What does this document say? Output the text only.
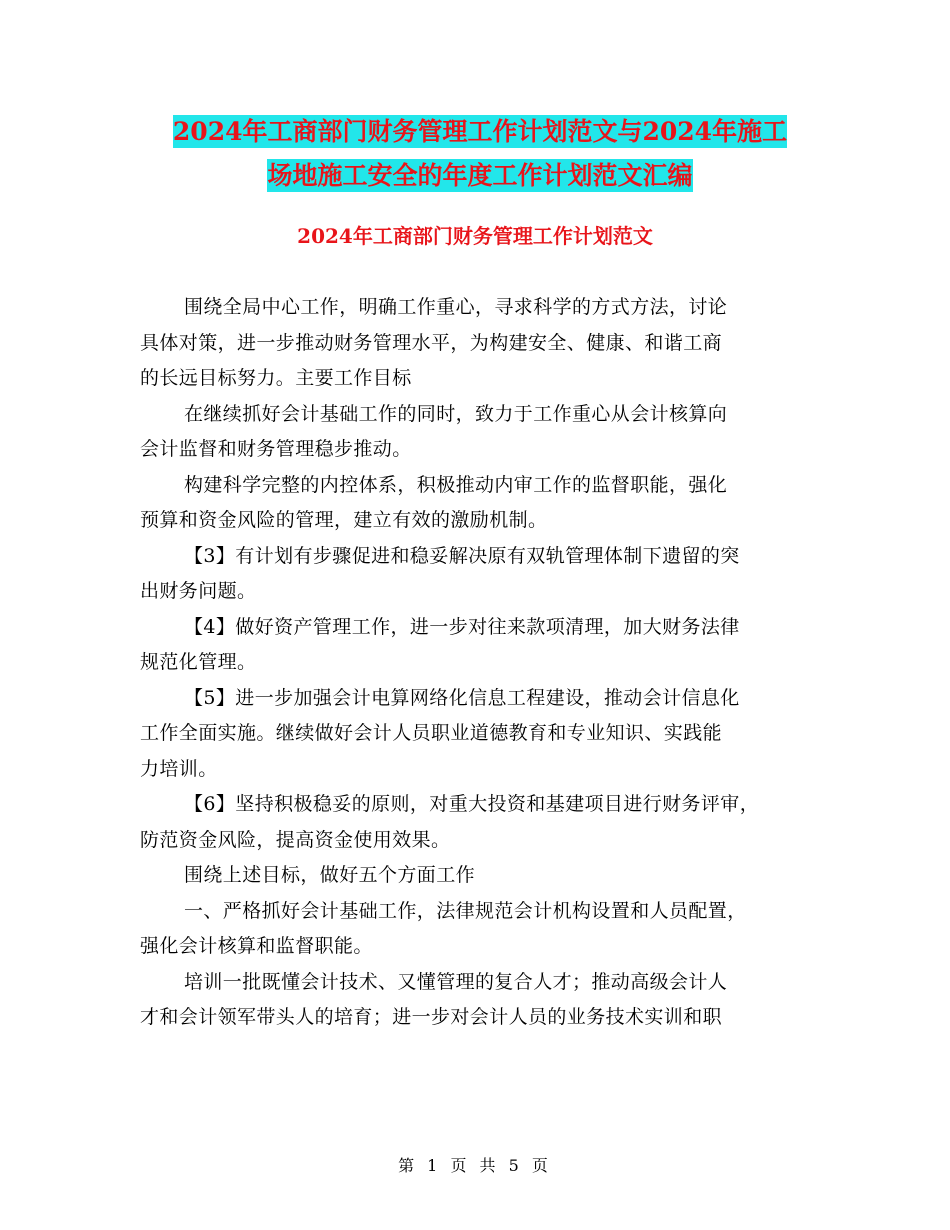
2024年工商部门财务管理工作计划范文与2024年施工
场地施工安全的年度工作计划范文汇编
2024年工商部门财务管理工作计划范文
围绕全局中心工作，明确工作重心，寻求科学的方式方法，讨论
具体对策，进一步推动财务管理水平，为构建安全、健康、和谐工商
的长远目标努力。主要工作目标
在继续抓好会计基础工作的同时，致力于工作重心从会计核算向
会计监督和财务管理稳步推动。
构建科学完整的内控体系，积极推动内审工作的监督职能，强化
预算和资金风险的管理，建立有效的激励机制。
【3】有计划有步骤促进和稳妥解决原有双轨管理体制下遗留的突
出财务问题。
【4】做好资产管理工作，进一步对往来款项清理，加大财务法律
规范化管理。
【5】进一步加强会计电算网络化信息工程建设，推动会计信息化
工作全面实施。继续做好会计人员职业道德教育和专业知识、实践能
力培训。
【6】坚持积极稳妥的原则，对重大投资和基建项目进行财务评审，
防范资金风险，提高资金使用效果。
围绕上述目标，做好五个方面工作
一、严格抓好会计基础工作，法律规范会计机构设置和人员配置，
强化会计核算和监督职能。
培训一批既懂会计技术、又懂管理的复合人才；推动高级会计人
才和会计领军带头人的培育；进一步对会计人员的业务技术实训和职
第 1 页 共 5 页
